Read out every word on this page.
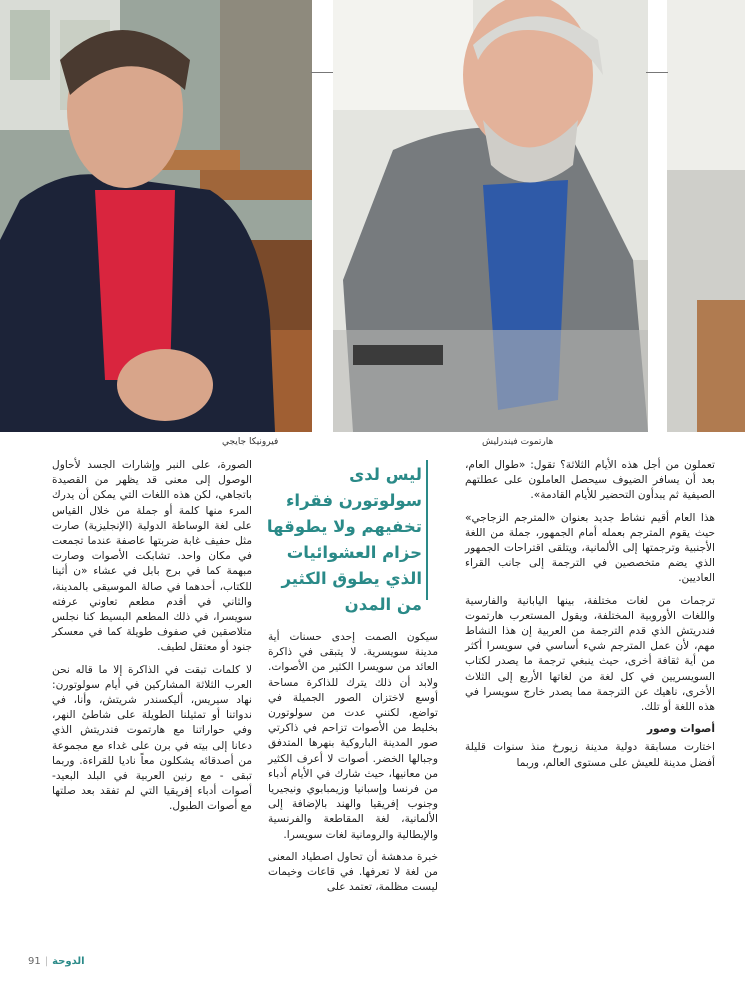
فيرونيكا جايجي	هارتموت فيندرليش
ليس لدى سولوتورن فقراء تخفيهم ولا يطوقها حزام العشوائيات الذي يطوق الكثير من المدن

تعملون من أجل هذه الأيام الثلاثة؟ تقول: «طوال العام، بعد أن يسافر الضيوف سيحصل العاملون على عطلتهم الصيفية ثم يبدأون التحضير للأيام القادمة».

هذا العام أقيم نشاط جديد بعنوان «المترجم الزجاجي» حيث يقوم المترجم بعمله أمام الجمهور، جملة من اللغة الأجنبية وترجمتها إلى الألمانية، ويتلقى اقتراحات الجمهور الذي يضم متخصصين في الترجمة إلى جانب القراء العاديين.

ترجمات من لغات مختلفة، بينها اليابانية والفارسية واللغات الأوروبية المختلفة، ويقول المستعرب هارتموت فندريتش الذي قدم الترجمة من العربية إن هذا النشاط مهم، لأن عمل المترجم شيء أساسي في سويسرا أكثر من أية ثقافة أخرى، حيث ينبغي ترجمة ما يصدر لكتاب السويسريين في كل لغة من لغاتها الأربع إلى الثلاث الأخرى، ناهيك عن الترجمة مما يصدر خارج سويسرا في هذه اللغة أو تلك.

أصوات وصور

اختارت مسابقة دولية مدينة زيورخ منذ سنوات قليلة أفضل مدينة للعيش على مستوى العالم، وربما

سيكون الصمت إحدى حسنات أية مدينة سويسرية. لا يتبقى في ذاكرة العائد من سويسرا الكثير من الأصوات. ولابد أن ذلك يترك للذاكرة مساحة أوسع لاختزان الصور الجميلة في تواضع، لكنني عدت من سولوتورن بخليط من الأصوات تزاحم في ذاكرتي صور المدينة الباروكية بنهرها المتدفق وجبالها الخضر. أصوات لا أعرف الكثير من معانيها، حيث شارك في الأيام أدباء من فرنسا وإسبانيا وزيمبابوي ونيجيريا وجنوب إفريقيا والهند بالإضافة إلى الألمانية، لغة المقاطعة والفرنسية والإيطالية والرومانية لغات سويسرا.

خبرة مدهشة أن تحاول اصطياد المعنى من لغة لا تعرفها. في قاعات وخيمات ليست مظلمة، تعتمد على

الصورة، على النبر وإشارات الجسد لأحاول الوصول إلى معنى قد يظهر من القصيدة باتجاهي، لكن هذه اللغات التي يمكن أن يدرك المرء منها كلمة أو جملة من خلال القياس على لغة الوساطة الدولية (الإنجليزية) صارت مثل حفيف غابة ضربتها عاصفة عندما تجمعت في مكان واحد. تشابكت الأصوات وصارت مبهمة كما في برج بابل في عشاء «ن أثينا للكتاب، أحدهما في صالة الموسيقى بالمدينة، والثاني في أقدم مطعم تعاوني عرفته سويسرا، في ذلك المطعم البسيط كنا نجلس متلاصقين في صفوف طويلة كما في معسكر جنود أو معتقل لطيف.

لا كلمات تبقت في الذاكرة إلا ما قاله نحن العرب الثلاثة المشاركين في أيام سولوتورن: نهاد سيريس، أليكسندر شريتش، وأنا، في ندواتنا أو تمثيلنا الطويلة على شاطئ النهر، وفي حواراتنا مع هارتموت فندريتش الذي دعانا إلى بيته في برن على غداء مع مجموعة من أصدقائه يشكلون معاً ناديا للقراءة. وربما تبقى - مع رنين العربية في البلد البعيد- أصوات أدباء إفريقيا التي لم تفقد بعد صلتها مع أصوات الطبول.

91 | الدوحة
